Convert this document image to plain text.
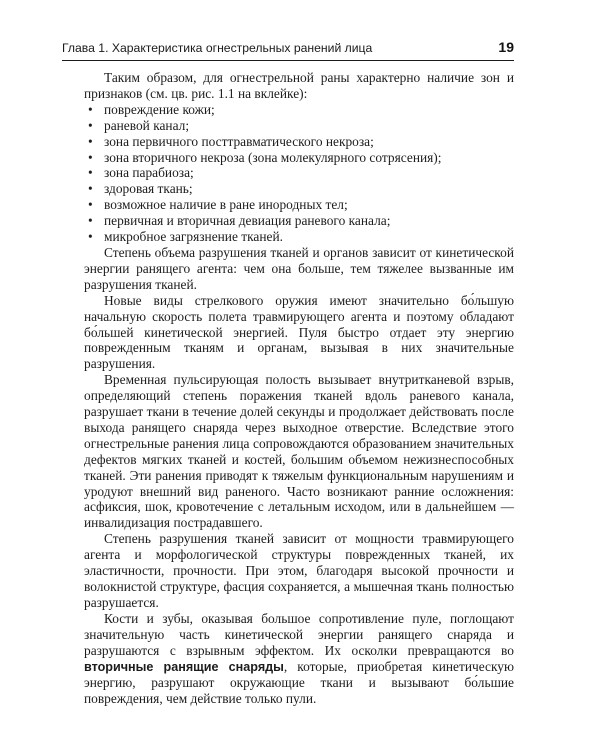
Глава 1. Характеристика огнестрельных ранений лица	19

Таким образом, для огнестрельной раны характерно наличие зон и признаков (см. цв. рис. 1.1 на вклейке):

• повреждение кожи;
• раневой канал;
• зона первичного посттравматического некроза;
• зона вторичного некроза (зона молекулярного сотрясения);
• зона парабиоза;
• здоровая ткань;
• возможное наличие в ране инородных тел;
• первичная и вторичная девиация раневого канала;
• микробное загрязнение тканей.

Степень объема разрушения тканей и органов зависит от кинетической энергии ранящего агента: чем она больше, тем тяжелее вызванные им разрушения тканей.

Новые виды стрелкового оружия имеют значительно бо́льшую начальную скорость полета травмирующего агента и поэтому обладают бо́льшей кинетической энергией. Пуля быстро отдает эту энергию поврежденным тканям и органам, вызывая в них значительные разрушения.

Временная пульсирующая полость вызывает внутритканевой взрыв, определяющий степень поражения тканей вдоль раневого канала, разрушает ткани в течение долей секунды и продолжает действовать после выхода ранящего снаряда через выходное отверстие. Вследствие этого огнестрельные ранения лица сопровождаются образованием значительных дефектов мягких тканей и костей, большим объемом нежизнеспособных тканей. Эти ранения приводят к тяжелым функциональным нарушениям и уродуют внешний вид раненого. Часто возникают ранние осложнения: асфиксия, шок, кровотечение с летальным исходом, или в дальнейшем — инвалидизация пострадавшего.

Степень разрушения тканей зависит от мощности травмирующего агента и морфологической структуры поврежденных тканей, их эластичности, прочности. При этом, благодаря высокой прочности и волокнистой структуре, фасция сохраняется, а мышечная ткань полностью разрушается.

Кости и зубы, оказывая большое сопротивление пуле, поглощают значительную часть кинетической энергии ранящего снаряда и разрушаются с взрывным эффектом. Их осколки превращаются во вторичные ранящие снаряды, которые, приобретая кинетическую энергию, разрушают окружающие ткани и вызывают бо́льшие повреждения, чем действие только пули.
